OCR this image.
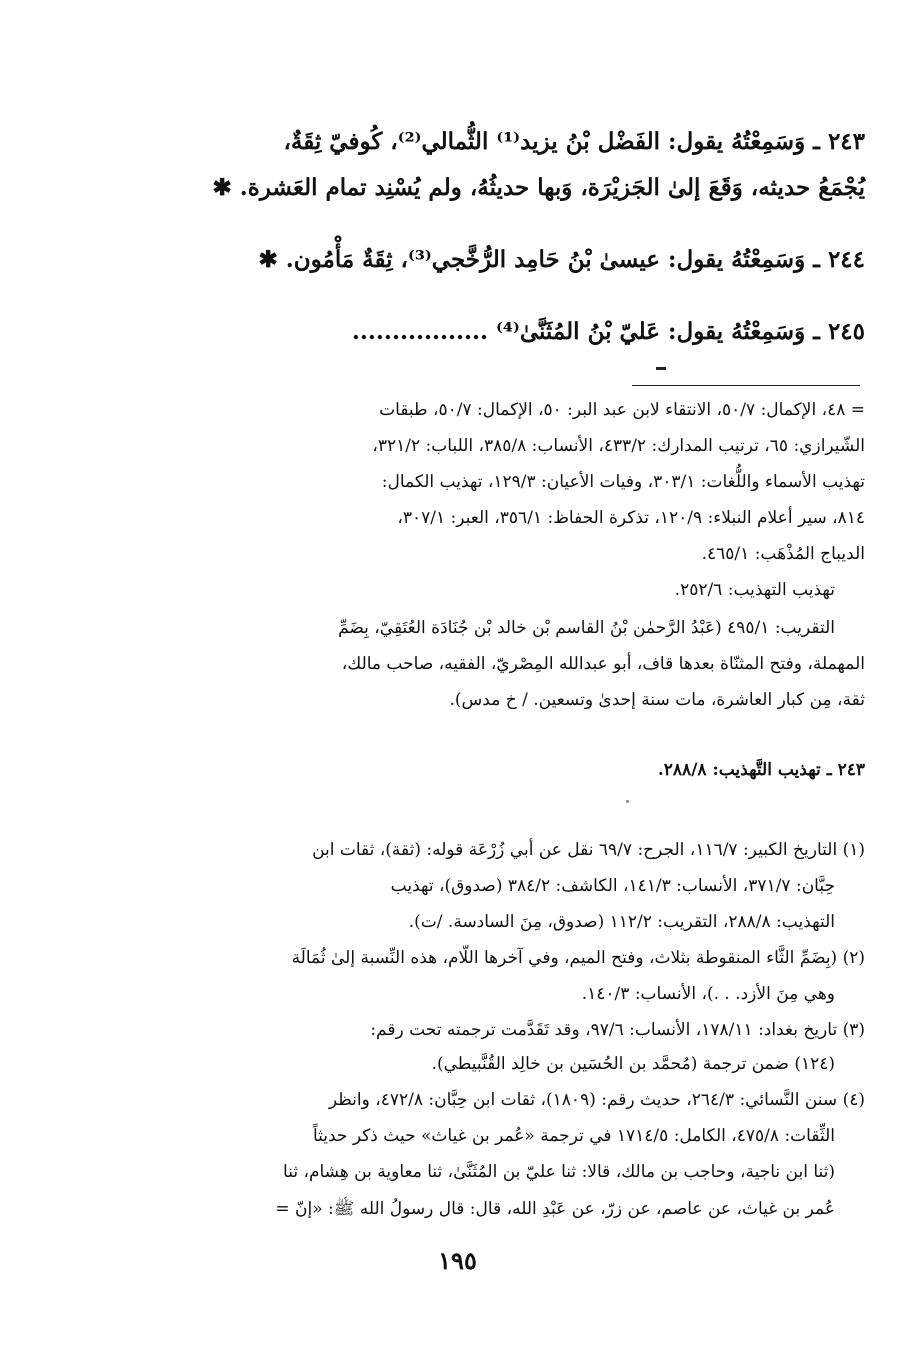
٢٤٣ ـ وَسَمِعْتُهُ يقول: الفَضْل بْنُ يزيد⁽¹⁾ الثُّمالي⁽²⁾، كُوفيّ ثِقَةٌ،
يُجْمَعُ حديثه، وَقَعَ إلىٰ الجَزيْرَة، وَبها حديثُهُ، ولم يُسْنِد تمام العَشرة. ✱
٢٤٤ ـ وَسَمِعْتُهُ يقول: عيسىٰ بْنُ حَامِد الرُّخَّجي⁽³⁾، ثِقَةٌ مَأْمُون. ✱
٢٤٥ ـ وَسَمِعْتُهُ يقول: عَليّ بْنُ المُثَنَّىٰ⁽⁴⁾ .................
= ٤٨، الإكمال: ٥٠/٧، الانتقاء لابن عبد البر: ٥٠، الإكمال: ٥٠/٧، طبقات
الشّيرازي: ٦٥، ترتيب المدارك: ٤٣٣/٢، الأنساب: ٣٨٥/٨، اللباب: ٣٢١/٢،
تهذيب الأسماء واللُّغات: ٣٠٣/١، وفيات الأعيان: ١٢٩/٣، تهذيب الكمال:
٨١٤، سير أعلام النبلاء: ١٢٠/٩، تذكرة الحفاظ: ٣٥٦/١، العبر: ٣٠٧/١،
الديباج المُذْهَب: ٤٦٥/١.
تهذيب التهذيب: ٢٥٢/٦.
التقريب: ٤٩٥/١ (عَبْدُ الرَّحمٰن بْنُ القاسم بْن خالد بْن جُنَادَة العُتَقِيّ، بِضَمِّ
المهملة، وفتح المثنّاة بعدها قاف، أبو عبدالله المِصْريّ، الفقيه، صاحب مالك،
ثقة، مِن كبار العاشرة، مات سنة إحدىٰ وتسعين. / خ مدس).
٢٤٣ ـ تهذيب التَّهذيب: ٢٨٨/٨.
(١) التاريخ الكبير: ١١٦/٧، الجرح: ٦٩/٧ نقل عن أبي زُرْعَة قوله: (ثقة)، ثقات ابن
حِبَّان: ٣٧١/٧، الأنساب: ١٤١/٣، الكاشف: ٣٨٤/٢ (صدوق)، تهذيب
التهذيب: ٢٨٨/٨، التقريب: ١١٢/٢ (صدوق، مِنَ السادسة. /ت).
(٢) (بِضَمِّ الثَّاء المنقوطة بثلاث، وفتح الميم، وفي آخرها اللّام، هذه النِّسبة إلىٰ ثُمَالَة
وهي مِنَ الأزد. . .)، الأنساب: ١٤٠/٣.
(٣) تاريخ بغداد: ١٧٨/١١، الأنساب: ٩٧/٦، وقد تَقَدَّمت ترجمته تحت رقم:
(١٢٤) ضمن ترجمة (مُحمَّد بن الحُسَين بن خالِد القُنَّبيطي).
(٤) سنن النَّسائي: ٢٦٤/٣، حديث رقم: (١٨٠٩)، ثقات ابن حِبَّان: ٤٧٢/٨، وانظر
الثِّقات: ٤٧٥/٨، الكامل: ١٧١٤/٥ في ترجمة «عُمر بن غياث» حيث ذكر حديثاً
(ثنا ابن ناجية، وحاجب بن مالك، قالا: ثنا عليّ بن المُثَنَّىٰ، ثنا معاوية بن هِشام، ثنا
عُمر بن غياث، عن عاصم، عن زرّ، عن عَبْدِ الله، قال: قال رسولُ الله ﷺ: «إنّ =
١٩٥
